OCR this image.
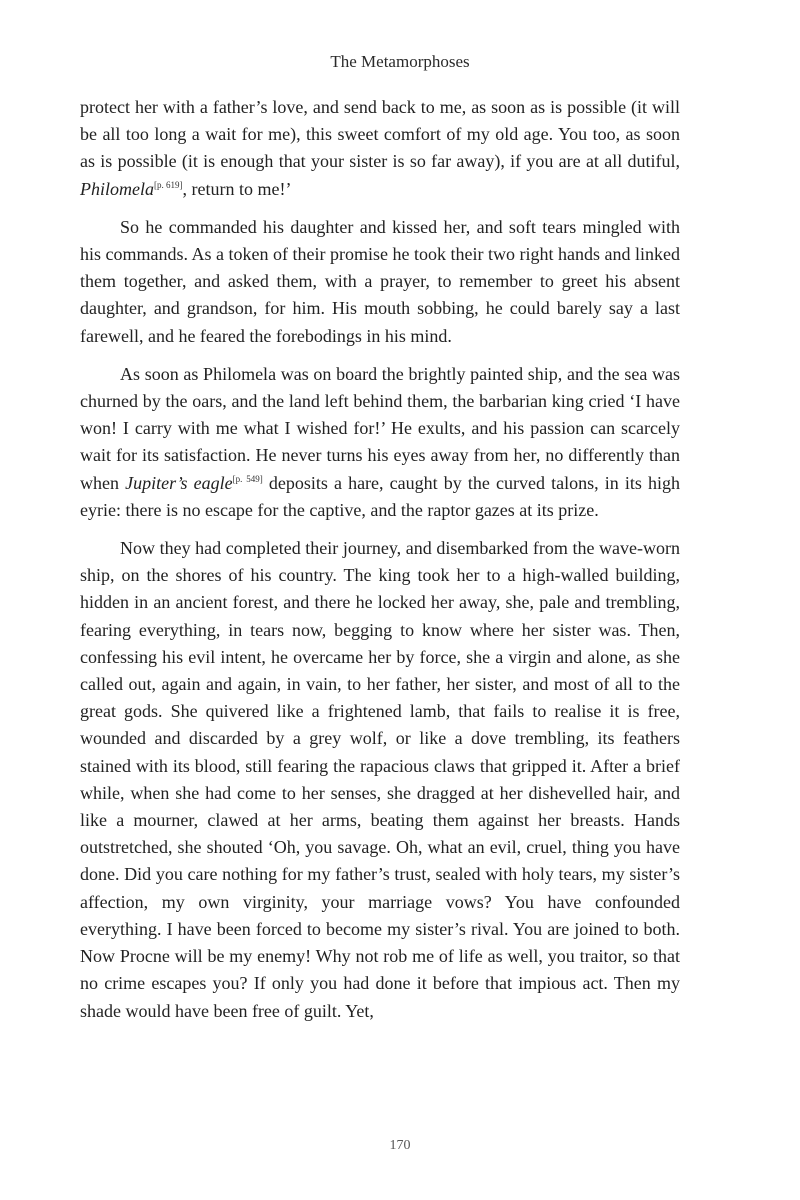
The Metamorphoses

protect her with a father’s love, and send back to me, as soon as is possible (it will be all too long a wait for me), this sweet comfort of my old age. You too, as soon as is possible (it is enough that your sister is so far away), if you are at all dutiful, Philomela[p. 619], return to me!’

So he commanded his daughter and kissed her, and soft tears mingled with his commands. As a token of their promise he took their two right hands and linked them together, and asked them, with a prayer, to remember to greet his absent daughter, and grandson, for him. His mouth sobbing, he could barely say a last farewell, and he feared the forebodings in his mind.

As soon as Philomela was on board the brightly painted ship, and the sea was churned by the oars, and the land left behind them, the barbarian king cried ‘I have won! I carry with me what I wished for!’ He exults, and his passion can scarcely wait for its satisfaction. He never turns his eyes away from her, no differently than when Jupiter’s eagle[p. 549] deposits a hare, caught by the curved talons, in its high eyrie: there is no escape for the captive, and the raptor gazes at its prize.

Now they had completed their journey, and disembarked from the wave-worn ship, on the shores of his country. The king took her to a high-walled building, hidden in an ancient forest, and there he locked her away, she, pale and trembling, fearing everything, in tears now, begging to know where her sister was. Then, confessing his evil intent, he overcame her by force, she a virgin and alone, as she called out, again and again, in vain, to her father, her sister, and most of all to the great gods. She quivered like a frightened lamb, that fails to realise it is free, wounded and discarded by a grey wolf, or like a dove trembling, its feathers stained with its blood, still fearing the rapacious claws that gripped it. After a brief while, when she had come to her senses, she dragged at her dishevelled hair, and like a mourner, clawed at her arms, beating them against her breasts. Hands outstretched, she shouted ‘Oh, you savage. Oh, what an evil, cruel, thing you have done. Did you care nothing for my father’s trust, sealed with holy tears, my sister’s affection, my own virginity, your marriage vows? You have confounded everything. I have been forced to become my sister’s rival. You are joined to both. Now Procne will be my enemy! Why not rob me of life as well, you traitor, so that no crime escapes you? If only you had done it before that impious act. Then my shade would have been free of guilt. Yet,

170
